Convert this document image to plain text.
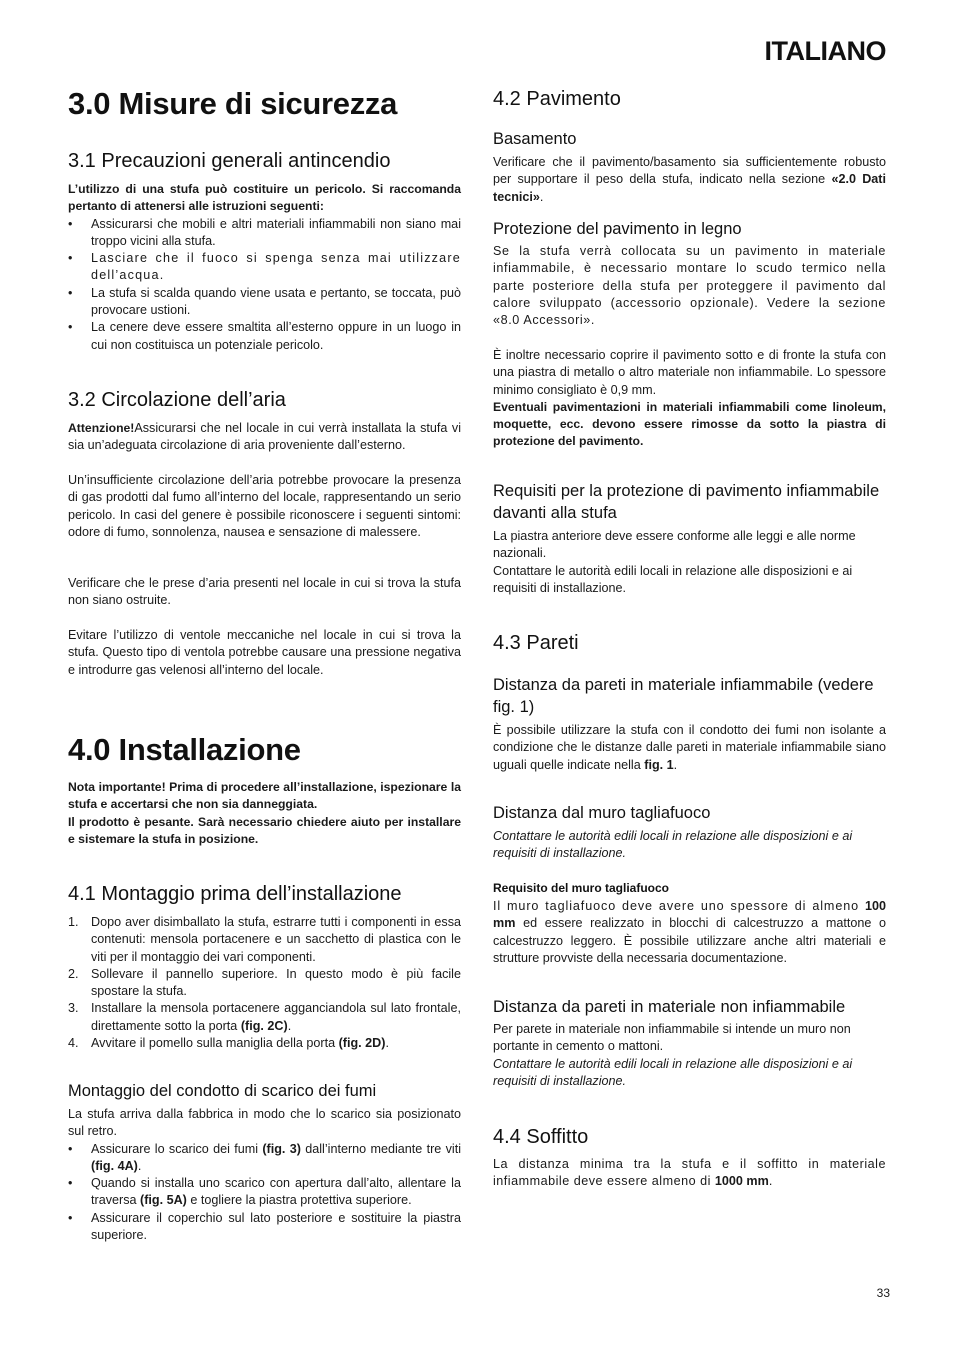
ITALIANO
3.0 Misure di sicurezza
3.1 Precauzioni generali antincendio

L’utilizzo di una stufa può costituire un pericolo. Si raccomanda pertanto di attenersi alle istruzioni seguenti:

• Assicurarsi che mobili e altri materiali infiammabili non siano mai troppo vicini alla stufa.
• Lasciare che il fuoco si spenga senza mai utilizzare dell’acqua.
• La stufa si scalda quando viene usata e pertanto, se toccata, può provocare ustioni.
• La cenere deve essere smaltita all’esterno oppure in un luogo in cui non costituisca un potenziale pericolo.
3.2 Circolazione dell’aria

Attenzione!Assicurarsi che nel locale in cui verrà installata la stufa vi sia un’adeguata circolazione di aria proveniente dall’esterno.

Un’insufficiente circolazione dell’aria potrebbe provocare la presenza di gas prodotti dal fumo all’interno del locale, rappresentando un serio pericolo. In casi del genere è possibile riconoscere i seguenti sintomi: odore di fumo, sonnolenza, nausea e sensazione di malessere.

Verificare che le prese d’aria presenti nel locale in cui si trova la stufa non siano ostruite.

Evitare l’utilizzo di ventole meccaniche nel locale in cui si trova la stufa. Questo tipo di ventola potrebbe causare una pressione negativa e introdurre gas velenosi all’interno del locale.

4.0 Installazione

Nota importante! Prima di procedere all’installazione, ispezionare la stufa e accertarsi che non sia danneggiata.

Il prodotto è pesante. Sarà necessario chiedere aiuto per installare e sistemare la stufa in posizione.

4.1 Montaggio prima dell’installazione
1. Dopo aver disimballato la stufa, estrarre tutti i componenti in essa contenuti: mensola portacenere e un sacchetto di plastica con le viti per il montaggio dei vari componenti.
2. Sollevare il pannello superiore. In questo modo è più facile spostare la stufa.
3. Installare la mensola portacenere agganciandola sul lato frontale, direttamente sotto la porta (fig. 2C).
4. Avvitare il pomello sulla maniglia della porta (fig. 2D).
Montaggio del condotto di scarico dei fumi

La stufa arriva dalla fabbrica in modo che lo scarico sia posizionato sul retro.

• Assicurare lo scarico dei fumi (fig. 3) dall’interno mediante tre viti (fig. 4A).
• Quando si installa uno scarico con apertura dall’alto, allentare la traversa (fig. 5A) e togliere la piastra protettiva superiore.
• Assicurare il coperchio sul lato posteriore e sostituire la piastra superiore.
4.2 Pavimento
Basamento

Verificare che il pavimento/basamento sia sufficientemente robusto per supportare il peso della stufa, indicato nella sezione «2.0 Dati tecnici».

Protezione del pavimento in legno

Se la stufa verrà collocata su un pavimento in materiale infiammabile, è necessario montare lo scudo termico nella parte posteriore della stufa per proteggere il pavimento dal calore sviluppato (accessorio opzionale). Vedere la sezione «8.0 Accessori».

È inoltre necessario coprire il pavimento sotto e di fronte la stufa con una piastra di metallo o altro materiale non infiammabile. Lo spessore minimo consigliato è 0,9 mm.

Eventuali pavimentazioni in materiali infiammabili come linoleum, moquette, ecc. devono essere rimosse da sotto la piastra di protezione del pavimento.

Requisiti per la protezione di pavimento infiammabile davanti alla stufa

La piastra anteriore deve essere conforme alle leggi e alle norme nazionali.

Contattare le autorità edili locali in relazione alle disposizioni e ai requisiti di installazione.

4.3 Pareti
Distanza da pareti in materiale infiammabile (vedere fig. 1)

È possibile utilizzare la stufa con il condotto dei fumi non isolante a condizione che le distanze dalle pareti in materiale infiammabile siano uguali quelle indicate nella fig. 1.

Distanza dal muro tagliafuoco

Contattare le autorità edili locali in relazione alle disposizioni e ai requisiti di installazione.

Requisito del muro tagliafuoco

Il muro tagliafuoco deve avere uno spessore di almeno 100 mm ed essere realizzato in blocchi di calcestruzzo a mattone o calcestruzzo leggero. È possibile utilizzare anche altri materiali e strutture provviste della necessaria documentazione.

Distanza da pareti in materiale non infiammabile

Per parete in materiale non infiammabile si intende un muro non portante in cemento o mattoni.

Contattare le autorità edili locali in relazione alle disposizioni e ai requisiti di installazione.

4.4 Soffitto

La distanza minima tra la stufa e il soffitto in materiale infiammabile deve essere almeno di 1000 mm.

33
